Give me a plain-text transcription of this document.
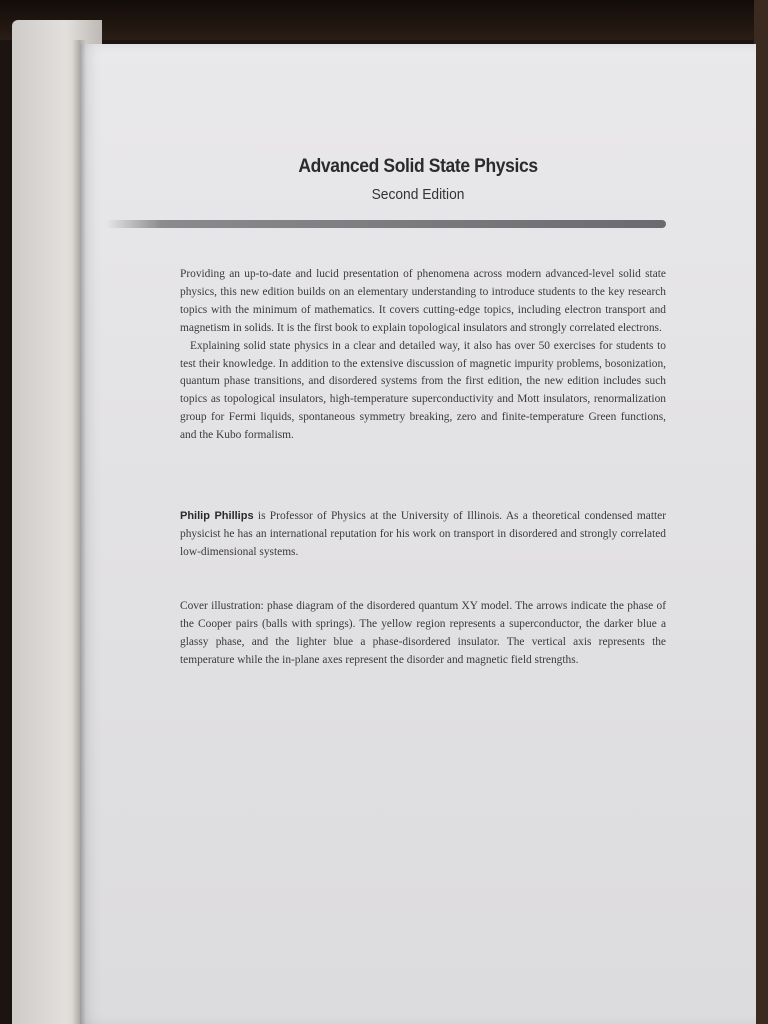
Advanced Solid State Physics
Second Edition

Providing an up-to-date and lucid presentation of phenomena across modern advanced-level solid state physics, this new edition builds on an elementary understanding to introduce students to the key research topics with the minimum of mathematics. It covers cutting-edge topics, including electron transport and magnetism in solids. It is the first book to explain topological insulators and strongly correlated electrons.

Explaining solid state physics in a clear and detailed way, it also has over 50 exercises for students to test their knowledge. In addition to the extensive discussion of magnetic impurity problems, bosonization, quantum phase transitions, and disordered systems from the first edition, the new edition includes such topics as topological insulators, high-temperature superconductivity and Mott insulators, renormalization group for Fermi liquids, spontaneous symmetry breaking, zero and finite-temperature Green functions, and the Kubo formalism.

Philip Phillips is Professor of Physics at the University of Illinois. As a theoretical condensed matter physicist he has an international reputation for his work on transport in disordered and strongly correlated low-dimensional systems.

Cover illustration: phase diagram of the disordered quantum XY model. The arrows indicate the phase of the Cooper pairs (balls with springs). The yellow region represents a superconductor, the darker blue a glassy phase, and the lighter blue a phase-disordered insulator. The vertical axis represents the temperature while the in-plane axes represent the disorder and magnetic field strengths.
